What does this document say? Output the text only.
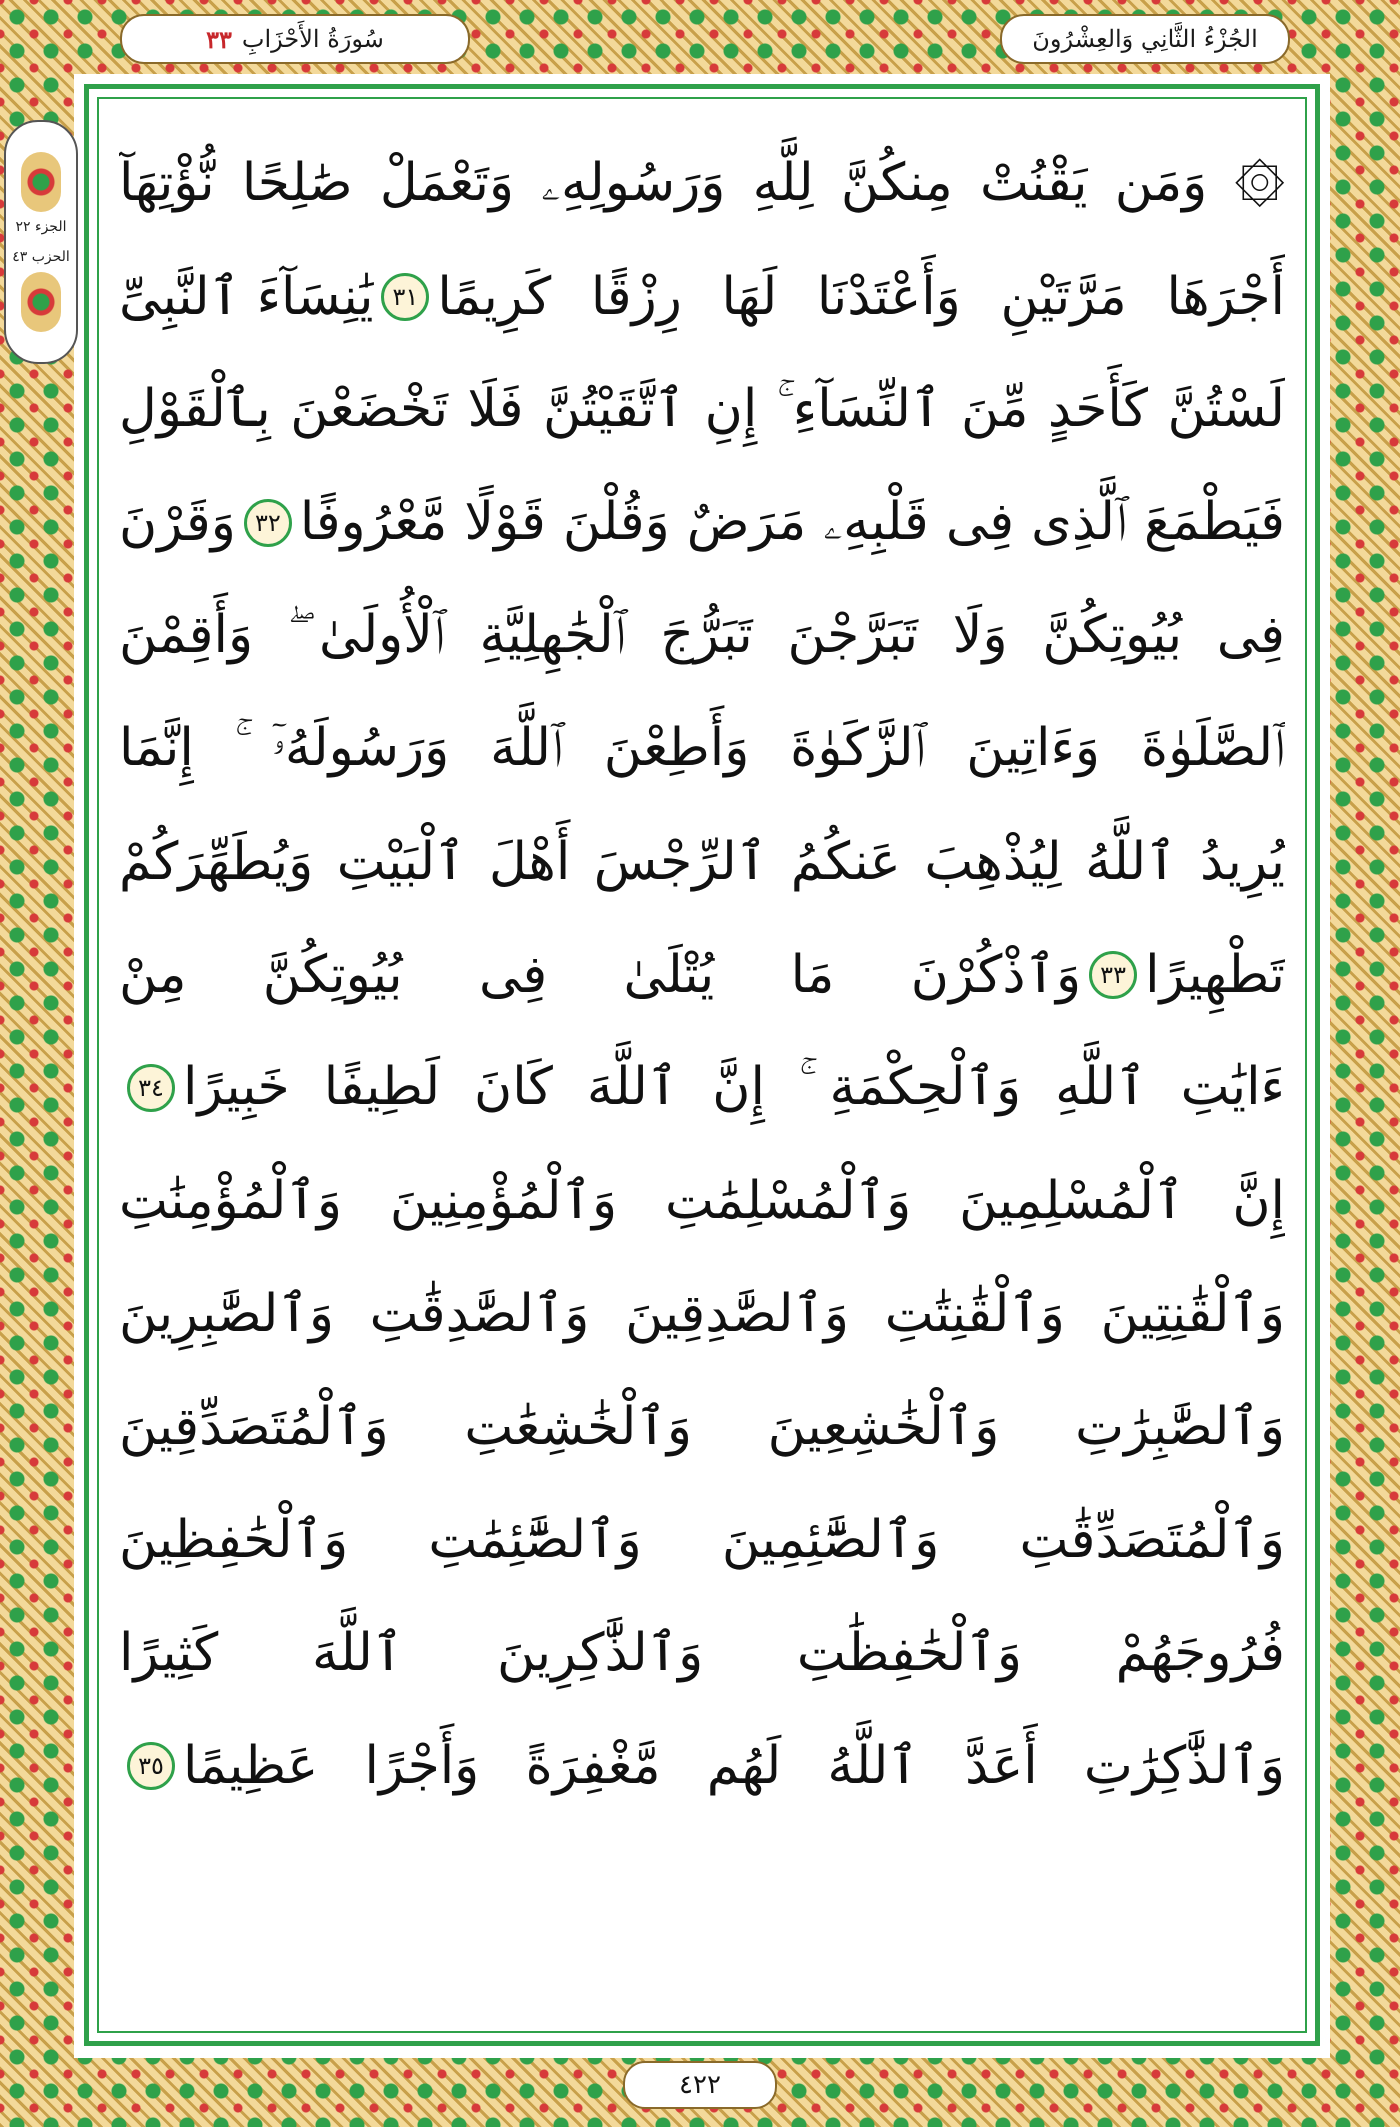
٣٣ سُورَةُ الأَحْزَابِ	الجُزْءُ الثَّانِي وَالعِشْرُونَ
الجزء ٢٢
الحزب ٤٣
۞ وَمَن يَقْنُتْ مِنكُنَّ لِلَّهِ وَرَسُولِهِۦ وَتَعْمَلْ صَٰلِحًا نُّؤْتِهَآ
أَجْرَهَا مَرَّتَيْنِ وَأَعْتَدْنَا لَهَا رِزْقًا كَرِيمًا
٣١
يَٰنِسَآءَ ٱلنَّبِىِّ
لَسْتُنَّ كَأَحَدٍ مِّنَ ٱلنِّسَآءِ ۚ إِنِ ٱتَّقَيْتُنَّ فَلَا تَخْضَعْنَ بِٱلْقَوْلِ
فَيَطْمَعَ ٱلَّذِى فِى قَلْبِهِۦ مَرَضٌ وَقُلْنَ قَوْلًا مَّعْرُوفًا
٣٢
وَقَرْنَ
فِى بُيُوتِكُنَّ وَلَا تَبَرَّجْنَ تَبَرُّجَ ٱلْجَٰهِلِيَّةِ ٱلْأُولَىٰ ۖ وَأَقِمْنَ
ٱلصَّلَوٰةَ وَءَاتِينَ ٱلزَّكَوٰةَ وَأَطِعْنَ ٱللَّهَ وَرَسُولَهُۥٓ ۚ إِنَّمَا
يُرِيدُ ٱللَّهُ لِيُذْهِبَ عَنكُمُ ٱلرِّجْسَ أَهْلَ ٱلْبَيْتِ وَيُطَهِّرَكُمْ
تَطْهِيرًا
٣٣
وَٱذْكُرْنَ مَا يُتْلَىٰ فِى بُيُوتِكُنَّ مِنْ
ءَايَٰتِ ٱللَّهِ وَٱلْحِكْمَةِ ۚ إِنَّ ٱللَّهَ كَانَ لَطِيفًا خَبِيرًا
٣٤
إِنَّ ٱلْمُسْلِمِينَ وَٱلْمُسْلِمَٰتِ وَٱلْمُؤْمِنِينَ وَٱلْمُؤْمِنَٰتِ
وَٱلْقَٰنِتِينَ وَٱلْقَٰنِتَٰتِ وَٱلصَّٰدِقِينَ وَٱلصَّٰدِقَٰتِ وَٱلصَّٰبِرِينَ
وَٱلصَّٰبِرَٰتِ وَٱلْخَٰشِعِينَ وَٱلْخَٰشِعَٰتِ وَٱلْمُتَصَدِّقِينَ
وَٱلْمُتَصَدِّقَٰتِ وَٱلصَّٰٓئِمِينَ وَٱلصَّٰٓئِمَٰتِ وَٱلْحَٰفِظِينَ
فُرُوجَهُمْ وَٱلْحَٰفِظَٰتِ وَٱلذَّٰكِرِينَ ٱللَّهَ كَثِيرًا
وَٱلذَّٰكِرَٰتِ أَعَدَّ ٱللَّهُ لَهُم مَّغْفِرَةً وَأَجْرًا عَظِيمًا
٣٥
٤٢٢
